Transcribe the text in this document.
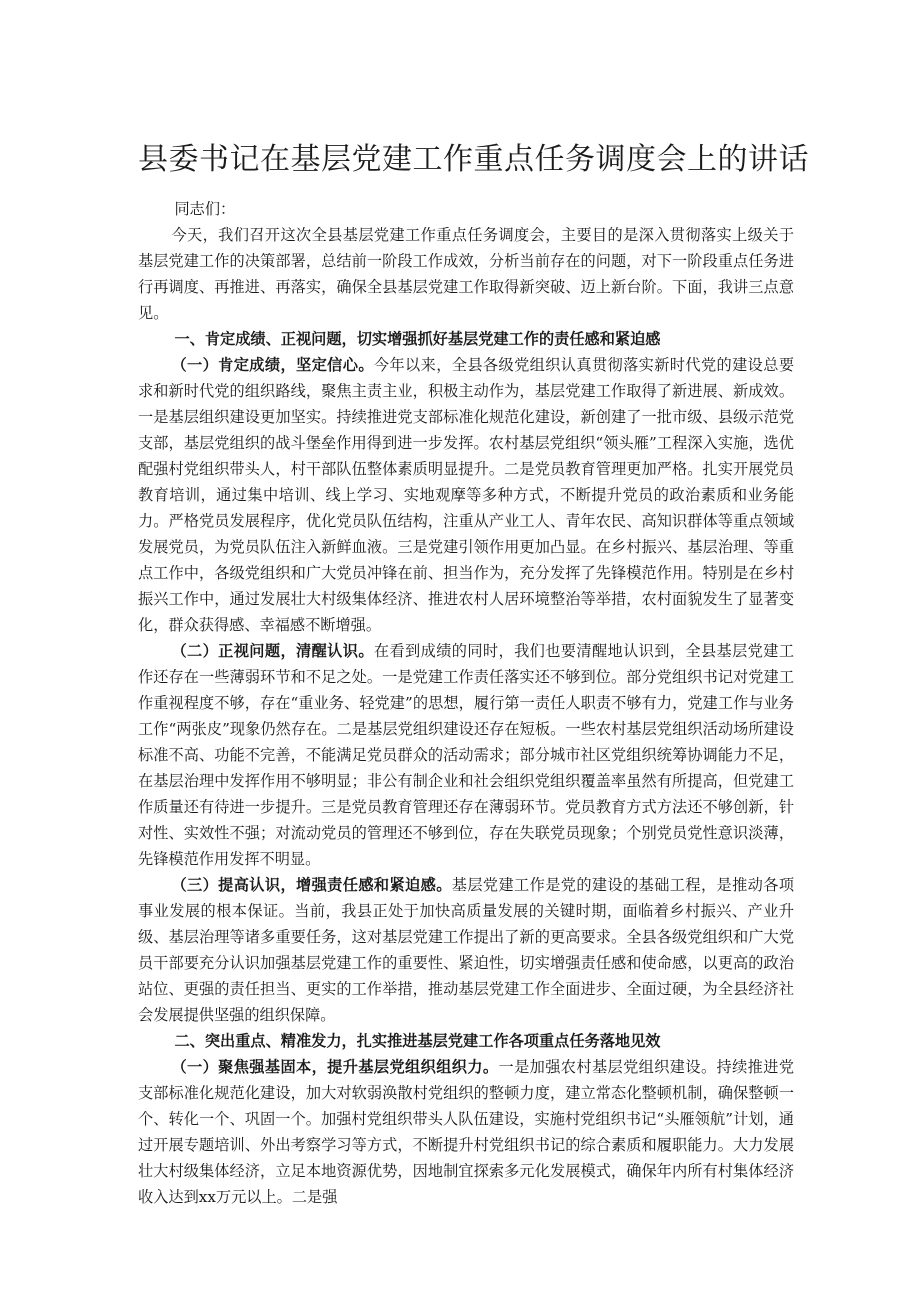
县委书记在基层党建工作重点任务调度会上的讲话

同志们：

今天，我们召开这次全县基层党建工作重点任务调度会，主要目的是深入贯彻落实上级关于基层党建工作的决策部署，总结前一阶段工作成效，分析当前存在的问题，对下一阶段重点任务进行再调度、再推进、再落实，确保全县基层党建工作取得新突破、迈上新台阶。下面，我讲三点意见。

一、肯定成绩、正视问题，切实增强抓好基层党建工作的责任感和紧迫感

（一）肯定成绩，坚定信心。今年以来，全县各级党组织认真贯彻落实新时代党的建设总要求和新时代党的组织路线，聚焦主责主业，积极主动作为，基层党建工作取得了新进展、新成效。一是基层组织建设更加坚实。持续推进党支部标准化规范化建设，新创建了一批市级、县级示范党支部，基层党组织的战斗堡垒作用得到进一步发挥。农村基层党组织“领头雁”工程深入实施，选优配强村党组织带头人，村干部队伍整体素质明显提升。二是党员教育管理更加严格。扎实开展党员教育培训，通过集中培训、线上学习、实地观摩等多种方式，不断提升党员的政治素质和业务能力。严格党员发展程序，优化党员队伍结构，注重从产业工人、青年农民、高知识群体等重点领域发展党员，为党员队伍注入新鲜血液。三是党建引领作用更加凸显。在乡村振兴、基层治理、等重点工作中，各级党组织和广大党员冲锋在前、担当作为，充分发挥了先锋模范作用。特别是在乡村振兴工作中，通过发展壮大村级集体经济、推进农村人居环境整治等举措，农村面貌发生了显著变化，群众获得感、幸福感不断增强。

（二）正视问题，清醒认识。在看到成绩的同时，我们也要清醒地认识到，全县基层党建工作还存在一些薄弱环节和不足之处。一是党建工作责任落实还不够到位。部分党组织书记对党建工作重视程度不够，存在“重业务、轻党建”的思想，履行第一责任人职责不够有力，党建工作与业务工作“两张皮”现象仍然存在。二是基层党组织建设还存在短板。一些农村基层党组织活动场所建设标准不高、功能不完善，不能满足党员群众的活动需求；部分城市社区党组织统筹协调能力不足，在基层治理中发挥作用不够明显；非公有制企业和社会组织党组织覆盖率虽然有所提高，但党建工作质量还有待进一步提升。三是党员教育管理还存在薄弱环节。党员教育方式方法还不够创新，针对性、实效性不强；对流动党员的管理还不够到位，存在失联党员现象；个别党员党性意识淡薄，先锋模范作用发挥不明显。

（三）提高认识，增强责任感和紧迫感。基层党建工作是党的建设的基础工程，是推动各项事业发展的根本保证。当前，我县正处于加快高质量发展的关键时期，面临着乡村振兴、产业升级、基层治理等诸多重要任务，这对基层党建工作提出了新的更高要求。全县各级党组织和广大党员干部要充分认识加强基层党建工作的重要性、紧迫性，切实增强责任感和使命感，以更高的政治站位、更强的责任担当、更实的工作举措，推动基层党建工作全面进步、全面过硬，为全县经济社会发展提供坚强的组织保障。

二、突出重点、精准发力，扎实推进基层党建工作各项重点任务落地见效

（一）聚焦强基固本，提升基层党组织组织力。一是加强农村基层党组织建设。持续推进党支部标准化规范化建设，加大对软弱涣散村党组织的整顿力度，建立常态化整顿机制，确保整顿一个、转化一个、巩固一个。加强村党组织带头人队伍建设，实施村党组织书记“头雁领航”计划，通过开展专题培训、外出考察学习等方式，不断提升村党组织书记的综合素质和履职能力。大力发展壮大村级集体经济，立足本地资源优势，因地制宜探索多元化发展模式，确保年内所有村集体经济收入达到xx万元以上。二是强
